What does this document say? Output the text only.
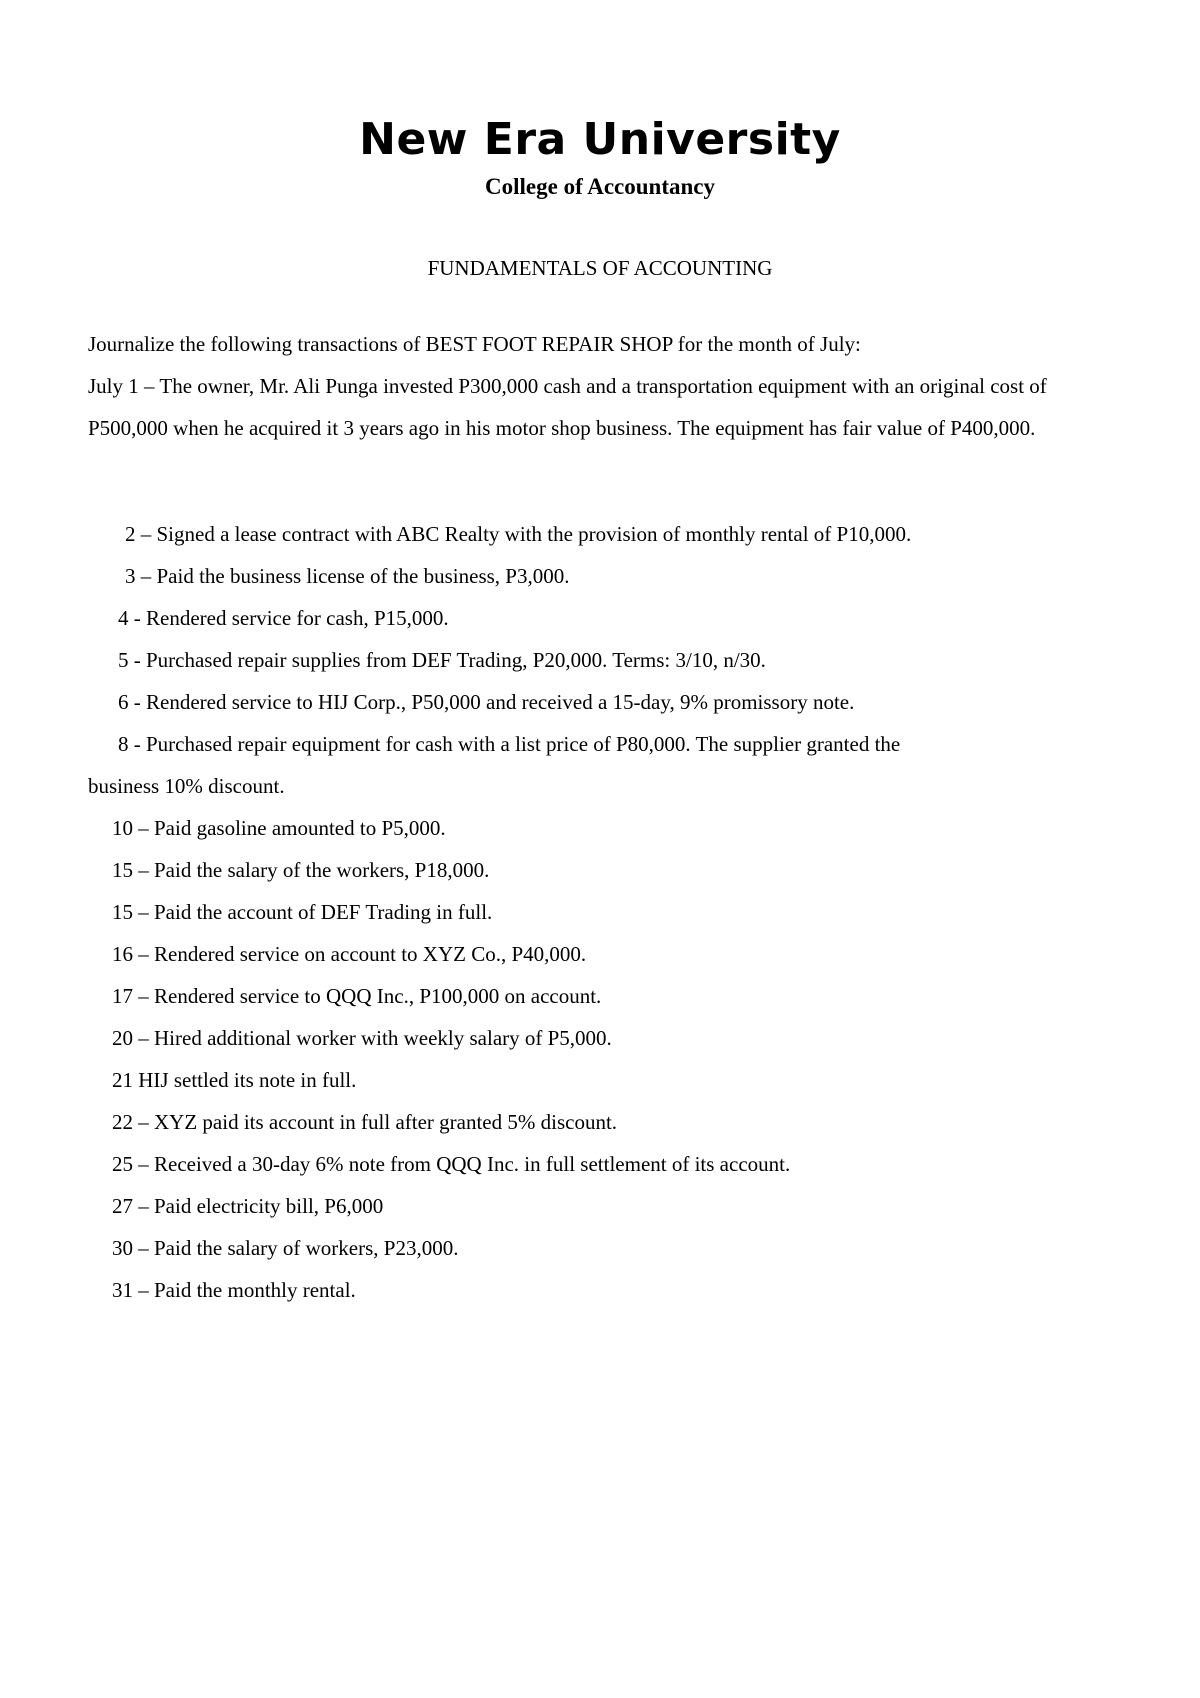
New Era University
College of Accountancy
FUNDAMENTALS OF ACCOUNTING
Journalize the following transactions of BEST FOOT REPAIR SHOP for the month of July:
July 1 – The owner, Mr. Ali Punga invested P300,000 cash and a transportation equipment with an original cost of P500,000 when he acquired it 3 years ago in his motor shop business. The equipment has fair value of P400,000.
2 – Signed a lease contract with ABC Realty with the provision of monthly rental of P10,000.
3 – Paid the business license of the business, P3,000.
4 - Rendered service for cash, P15,000.
5 - Purchased repair supplies from DEF Trading, P20,000. Terms: 3/10, n/30.
6 - Rendered service to HIJ Corp., P50,000 and received a 15-day, 9% promissory note.
8 - Purchased repair equipment for cash with a list price of P80,000. The supplier granted the
business 10% discount.
10 – Paid gasoline amounted to P5,000.
15 – Paid the salary of the workers, P18,000.
15 – Paid the account of DEF Trading in full.
16 – Rendered service on account to XYZ Co., P40,000.
17 – Rendered service to QQQ Inc., P100,000 on account.
20 – Hired additional worker with weekly salary of P5,000.
21 HIJ settled its note in full.
22 – XYZ paid its account in full after granted 5% discount.
25 – Received a 30-day 6% note from QQQ Inc. in full settlement of its account.
27 – Paid electricity bill, P6,000
30 – Paid the salary of workers, P23,000.
31 – Paid the monthly rental.
